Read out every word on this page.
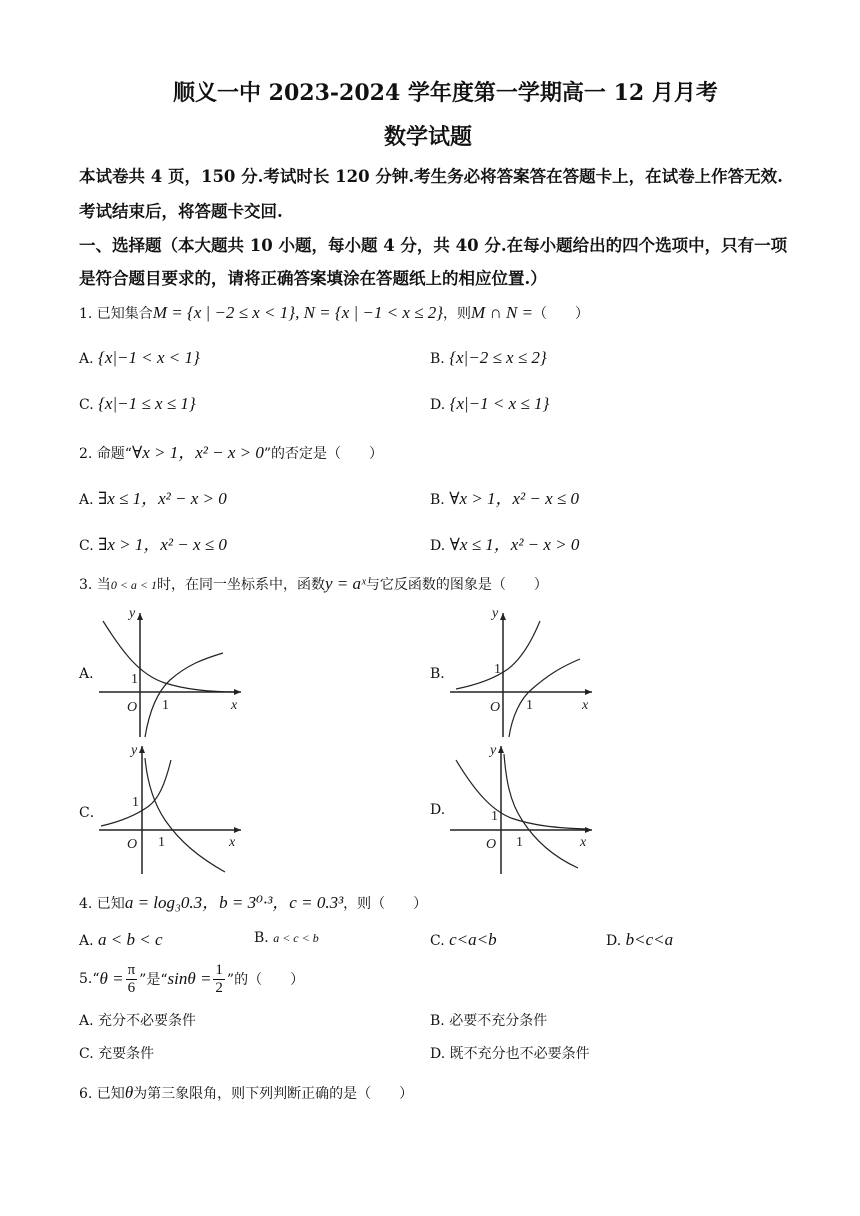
顺义一中 2023-2024 学年度第一学期高一 12 月月考
数学试题
本试卷共 4 页，150 分.考试时长 120 分钟.考生务必将答案答在答题卡上，在试卷上作答无效.
考试结束后，将答题卡交回.
一、选择题（本大题共 10 小题，每小题 4 分，共 40 分.在每小题给出的四个选项中，只有一项
是符合题目要求的，请将正确答案填涂在答题纸上的相应位置.）
1. 已知集合M = {x | −2 ≤ x < 1}, N = {x | −1 < x ≤ 2}，则M ∩ N =（　　）
A. {x|−1 < x < 1}	B. {x|−2 ≤ x ≤ 2}
C. {x|−1 ≤ x ≤ 1}	D. {x|−1 < x ≤ 1}
2. 命题“∀x > 1，x² − x > 0”的否定是（　　）
A. ∃x ≤ 1，x² − x > 0	B. ∀x > 1，x² − x ≤ 0
C. ∃x > 1，x² − x ≤ 0	D. ∀x ≤ 1，x² − x > 0
3. 当0 < a < 1时，在同一坐标系中，函数y = aˣ与它反函数的图象是（　　）
A.	B.
C．	D.
y
x
O
1
1
y
x
O
1
1
y
x
O
1
1
y
x
O
1
1
4. 已知a = log₃0.3，b = 3⁰·³，c = 0.3³，则（　　）
A. a < b < c	B. a < c < b	C. c<a<b	D. b<c<a
5.“ $\theta = \frac{\pi}{6}$ ”是“ $\sin\theta = \frac{1}{2}$ ”的（　　）
A. 充分不必要条件	B. 必要不充分条件
C. 充要条件	D. 既不充分也不必要条件
6. 已知θ为第三象限角，则下列判断正确的是（　　）
